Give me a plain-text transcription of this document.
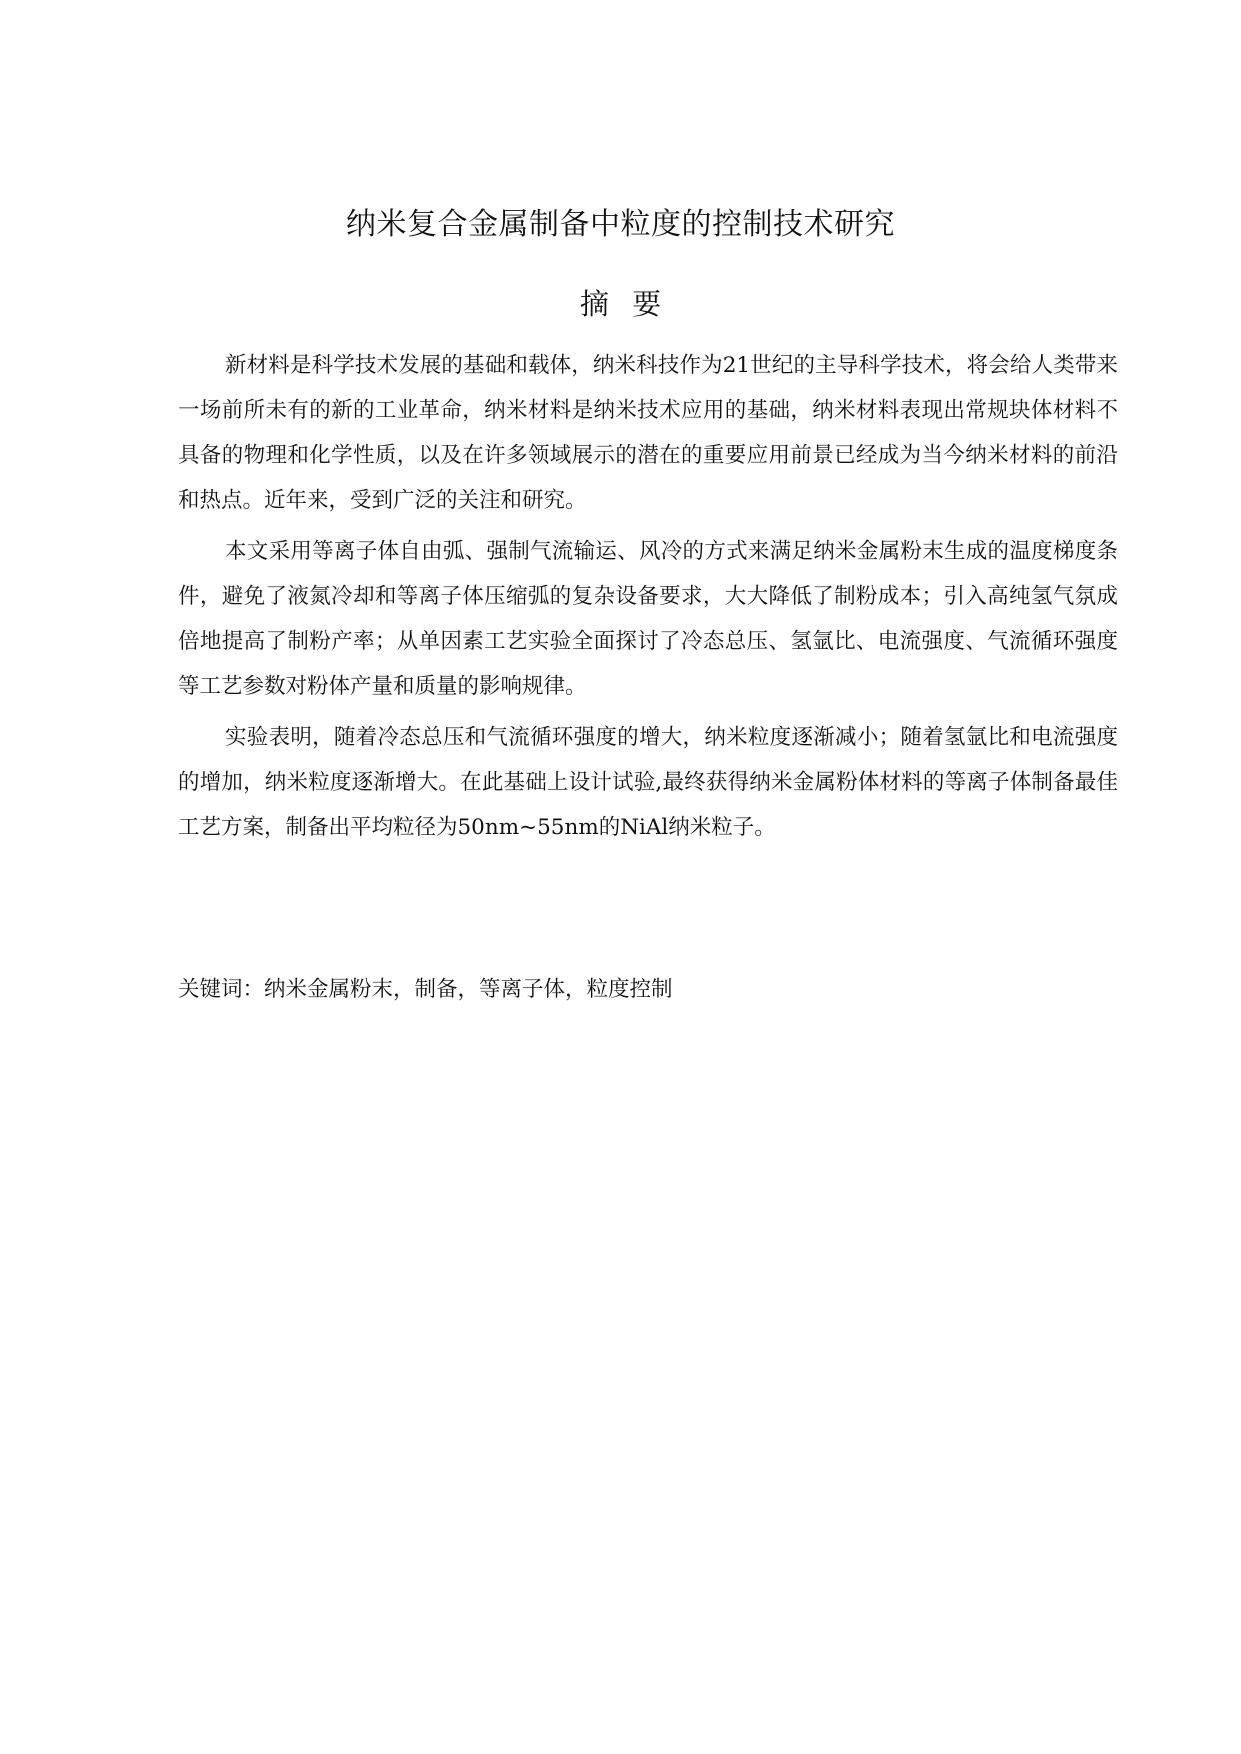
纳米复合金属制备中粒度的控制技术研究
摘 要

新材料是科学技术发展的基础和载体，纳米科技作为21世纪的主导科学技术，将会给人类带来一场前所未有的新的工业革命，纳米材料是纳米技术应用的基础，纳米材料表现出常规块体材料不具备的物理和化学性质，以及在许多领域展示的潜在的重要应用前景已经成为当今纳米材料的前沿和热点。近年来，受到广泛的关注和研究。

本文采用等离子体自由弧、强制气流输运、风冷的方式来满足纳米金属粉末生成的温度梯度条件，避免了液氮冷却和等离子体压缩弧的复杂设备要求，大大降低了制粉成本；引入高纯氢气氛成倍地提高了制粉产率；从单因素工艺实验全面探讨了冷态总压、氢氩比、电流强度、气流循环强度等工艺参数对粉体产量和质量的影响规律。

实验表明，随着冷态总压和气流循环强度的增大，纳米粒度逐渐减小；随着氢氩比和电流强度的增加，纳米粒度逐渐增大。在此基础上设计试验,最终获得纳米金属粉体材料的等离子体制备最佳工艺方案，制备出平均粒径为50nm~55nm的NiAl纳米粒子。

关键词：纳米金属粉末，制备，等离子体，粒度控制
